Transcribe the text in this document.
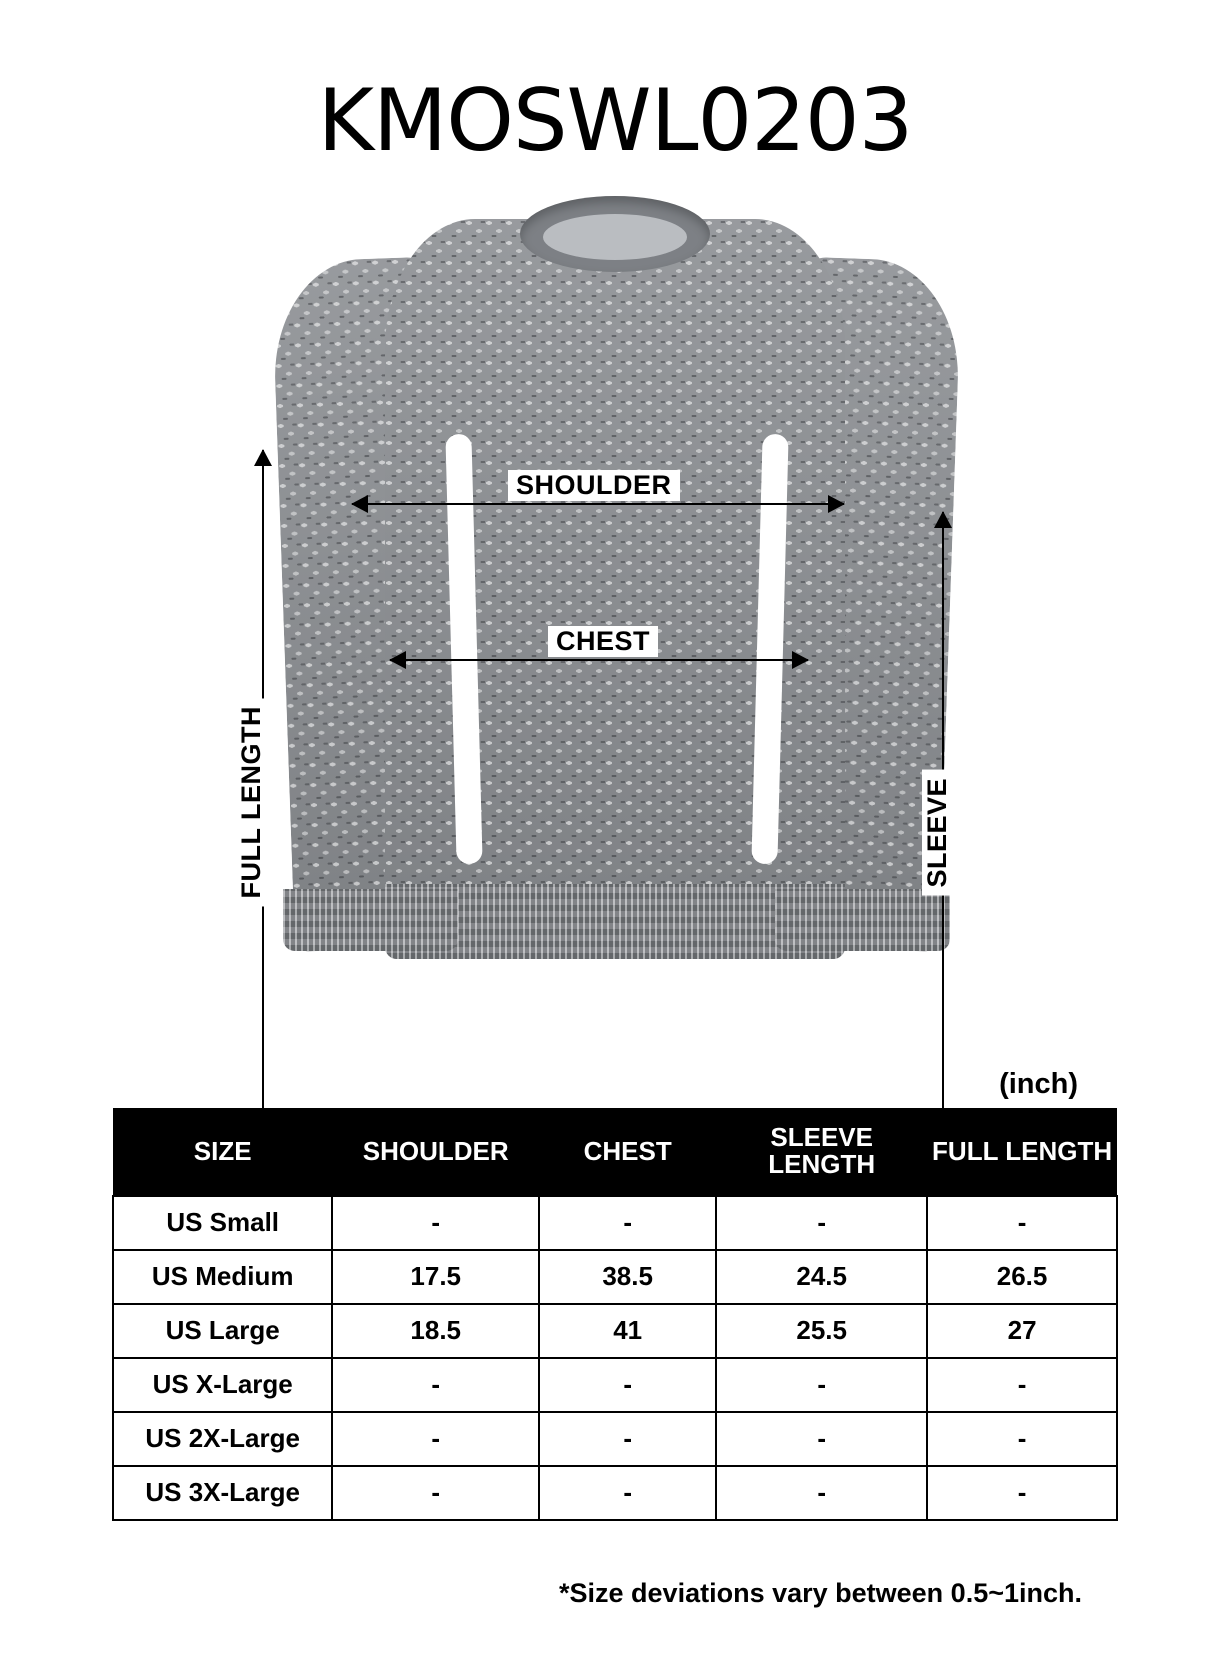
KMOSWL0203
SHOULDER
CHEST
FULL LENGTH	SLEEVE
(inch)
SIZE	SHOULDER	CHEST	SLEEVE LENGTH	FULL LENGTH
US Small	-	-	-	-
US Medium	17.5	38.5	24.5	26.5
US Large	18.5	41	25.5	27
US X-Large	-	-	-	-
US 2X-Large	-	-	-	-
US 3X-Large	-	-	-	-
*Size deviations vary between 0.5~1inch.
